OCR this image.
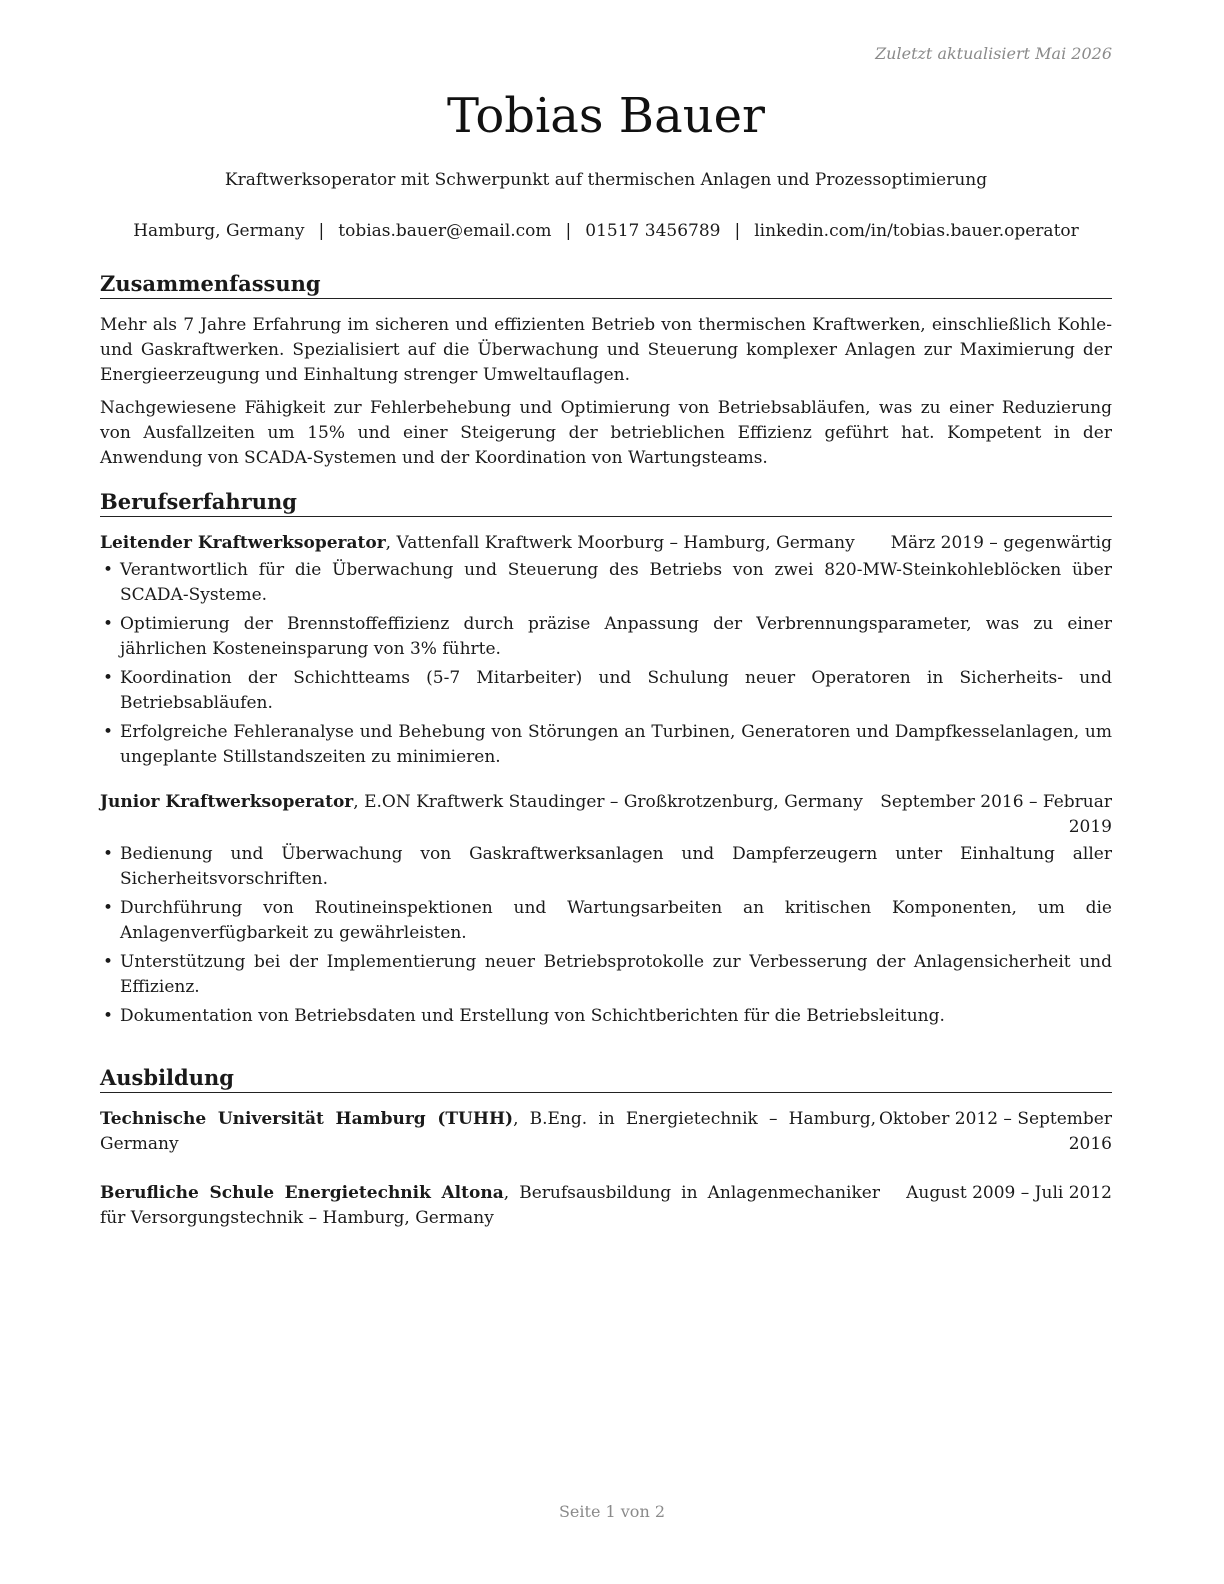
Zuletzt aktualisiert Mai 2026
Tobias Bauer
Kraftwerksoperator mit Schwerpunkt auf thermischen Anlagen und Prozessoptimierung
Hamburg, Germany | tobias.bauer@email.com | 01517 3456789 | linkedin.com/in/tobias.bauer.operator
Zusammenfassung

Mehr als 7 Jahre Erfahrung im sicheren und effizienten Betrieb von thermischen Kraftwerken, einschließlich Kohle- und Gaskraftwerken. Spezialisiert auf die Überwachung und Steuerung komplexer Anlagen zur Maximierung der Energieerzeugung und Einhaltung strenger Umweltauflagen.

Nachgewiesene Fähigkeit zur Fehlerbehebung und Optimierung von Betriebsabläufen, was zu einer Reduzierung von Ausfallzeiten um 15% und einer Steigerung der betrieblichen Effizienz geführt hat. Kompetent in der Anwendung von SCADA-Systemen und der Koordination von Wartungsteams.

Berufserfahrung
Leitender Kraftwerksoperator, Vattenfall Kraftwerk Moorburg – Hamburg, Germany	März 2019 – gegenwärtig
• Verantwortlich für die Überwachung und Steuerung des Betriebs von zwei 820-MW-Steinkohleblöcken über SCADA-Systeme.
• Optimierung der Brennstoffeffizienz durch präzise Anpassung der Verbrennungsparameter, was zu einer jährlichen Kosteneinsparung von 3% führte.
• Koordination der Schichtteams (5-7 Mitarbeiter) und Schulung neuer Operatoren in Sicherheits- und Betriebsabläufen.
• Erfolgreiche Fehleranalyse und Behebung von Störungen an Turbinen, Generatoren und Dampfkesselanlagen, um ungeplante Stillstandszeiten zu minimieren.
Junior Kraftwerksoperator, E.ON Kraftwerk Staudinger – Großkrotzenburg, Germany	September 2016 – Februar 2019
• Bedienung und Überwachung von Gaskraftwerksanlagen und Dampferzeugern unter Einhaltung aller Sicherheitsvorschriften.
• Durchführung von Routineinspektionen und Wartungsarbeiten an kritischen Komponenten, um die Anlagenverfügbarkeit zu gewährleisten.
• Unterstützung bei der Implementierung neuer Betriebsprotokolle zur Verbesserung der Anlagensicherheit und Effizienz.
• Dokumentation von Betriebsdaten und Erstellung von Schichtberichten für die Betriebsleitung.
Ausbildung
Technische Universität Hamburg (TUHH), B.Eng. in Energietechnik – Hamburg, Germany
Oktober 2012 – September 2016
Berufliche Schule Energietechnik Altona, Berufsausbildung in Anlagenmechaniker für Versorgungstechnik – Hamburg, Germany
August 2009 – Juli 2012
Seite 1 von 2
